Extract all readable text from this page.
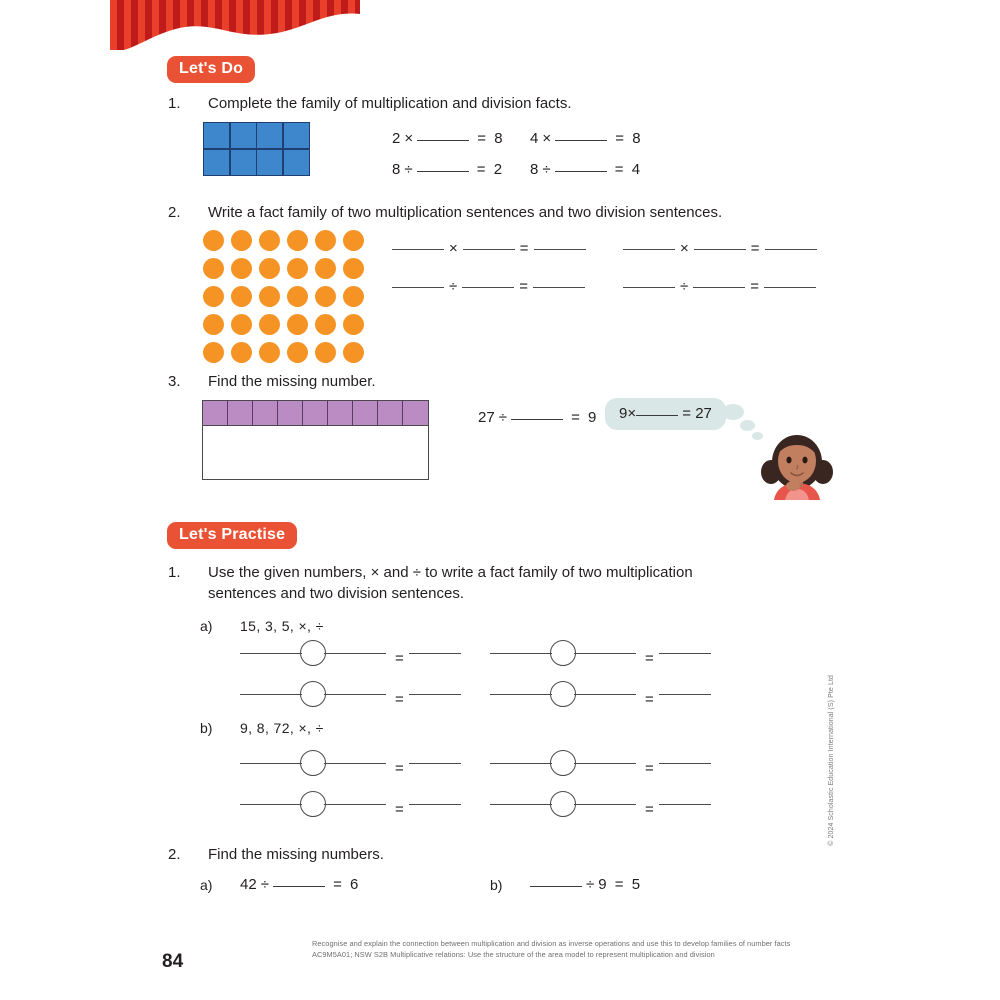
Let's Do
1. Complete the family of multiplication and division facts.
2 ×	= 8 4 ×	= 8
8 ÷	= 2 8 ÷	= 4
2. Write a fact family of two multiplication sentences and two division sentences.
×	=	×	=
÷	=	÷	=
3. Find the missing number.
27 ÷	= 9 9 ×	= 27
Let's Practise
1. Use the given numbers, × and ÷ to write a fact family of two multiplication sentences and two division sentences.
a) 15, 3, 5, ×, ÷
=	=
=	=
b) 9, 8, 72, ×, ÷
=	=
=	=
2. Find the missing numbers.
a) 42 ÷	= 6	b)	÷ 9 = 5
84
Recognise and explain the connection between multiplication and division as inverse operations and use this to develop families of number facts AC9M5A01; NSW S2B Multiplicative relations: Use the structure of the area model to represent multiplication and division
© 2024 Scholastic Education International (S) Pte Ltd
